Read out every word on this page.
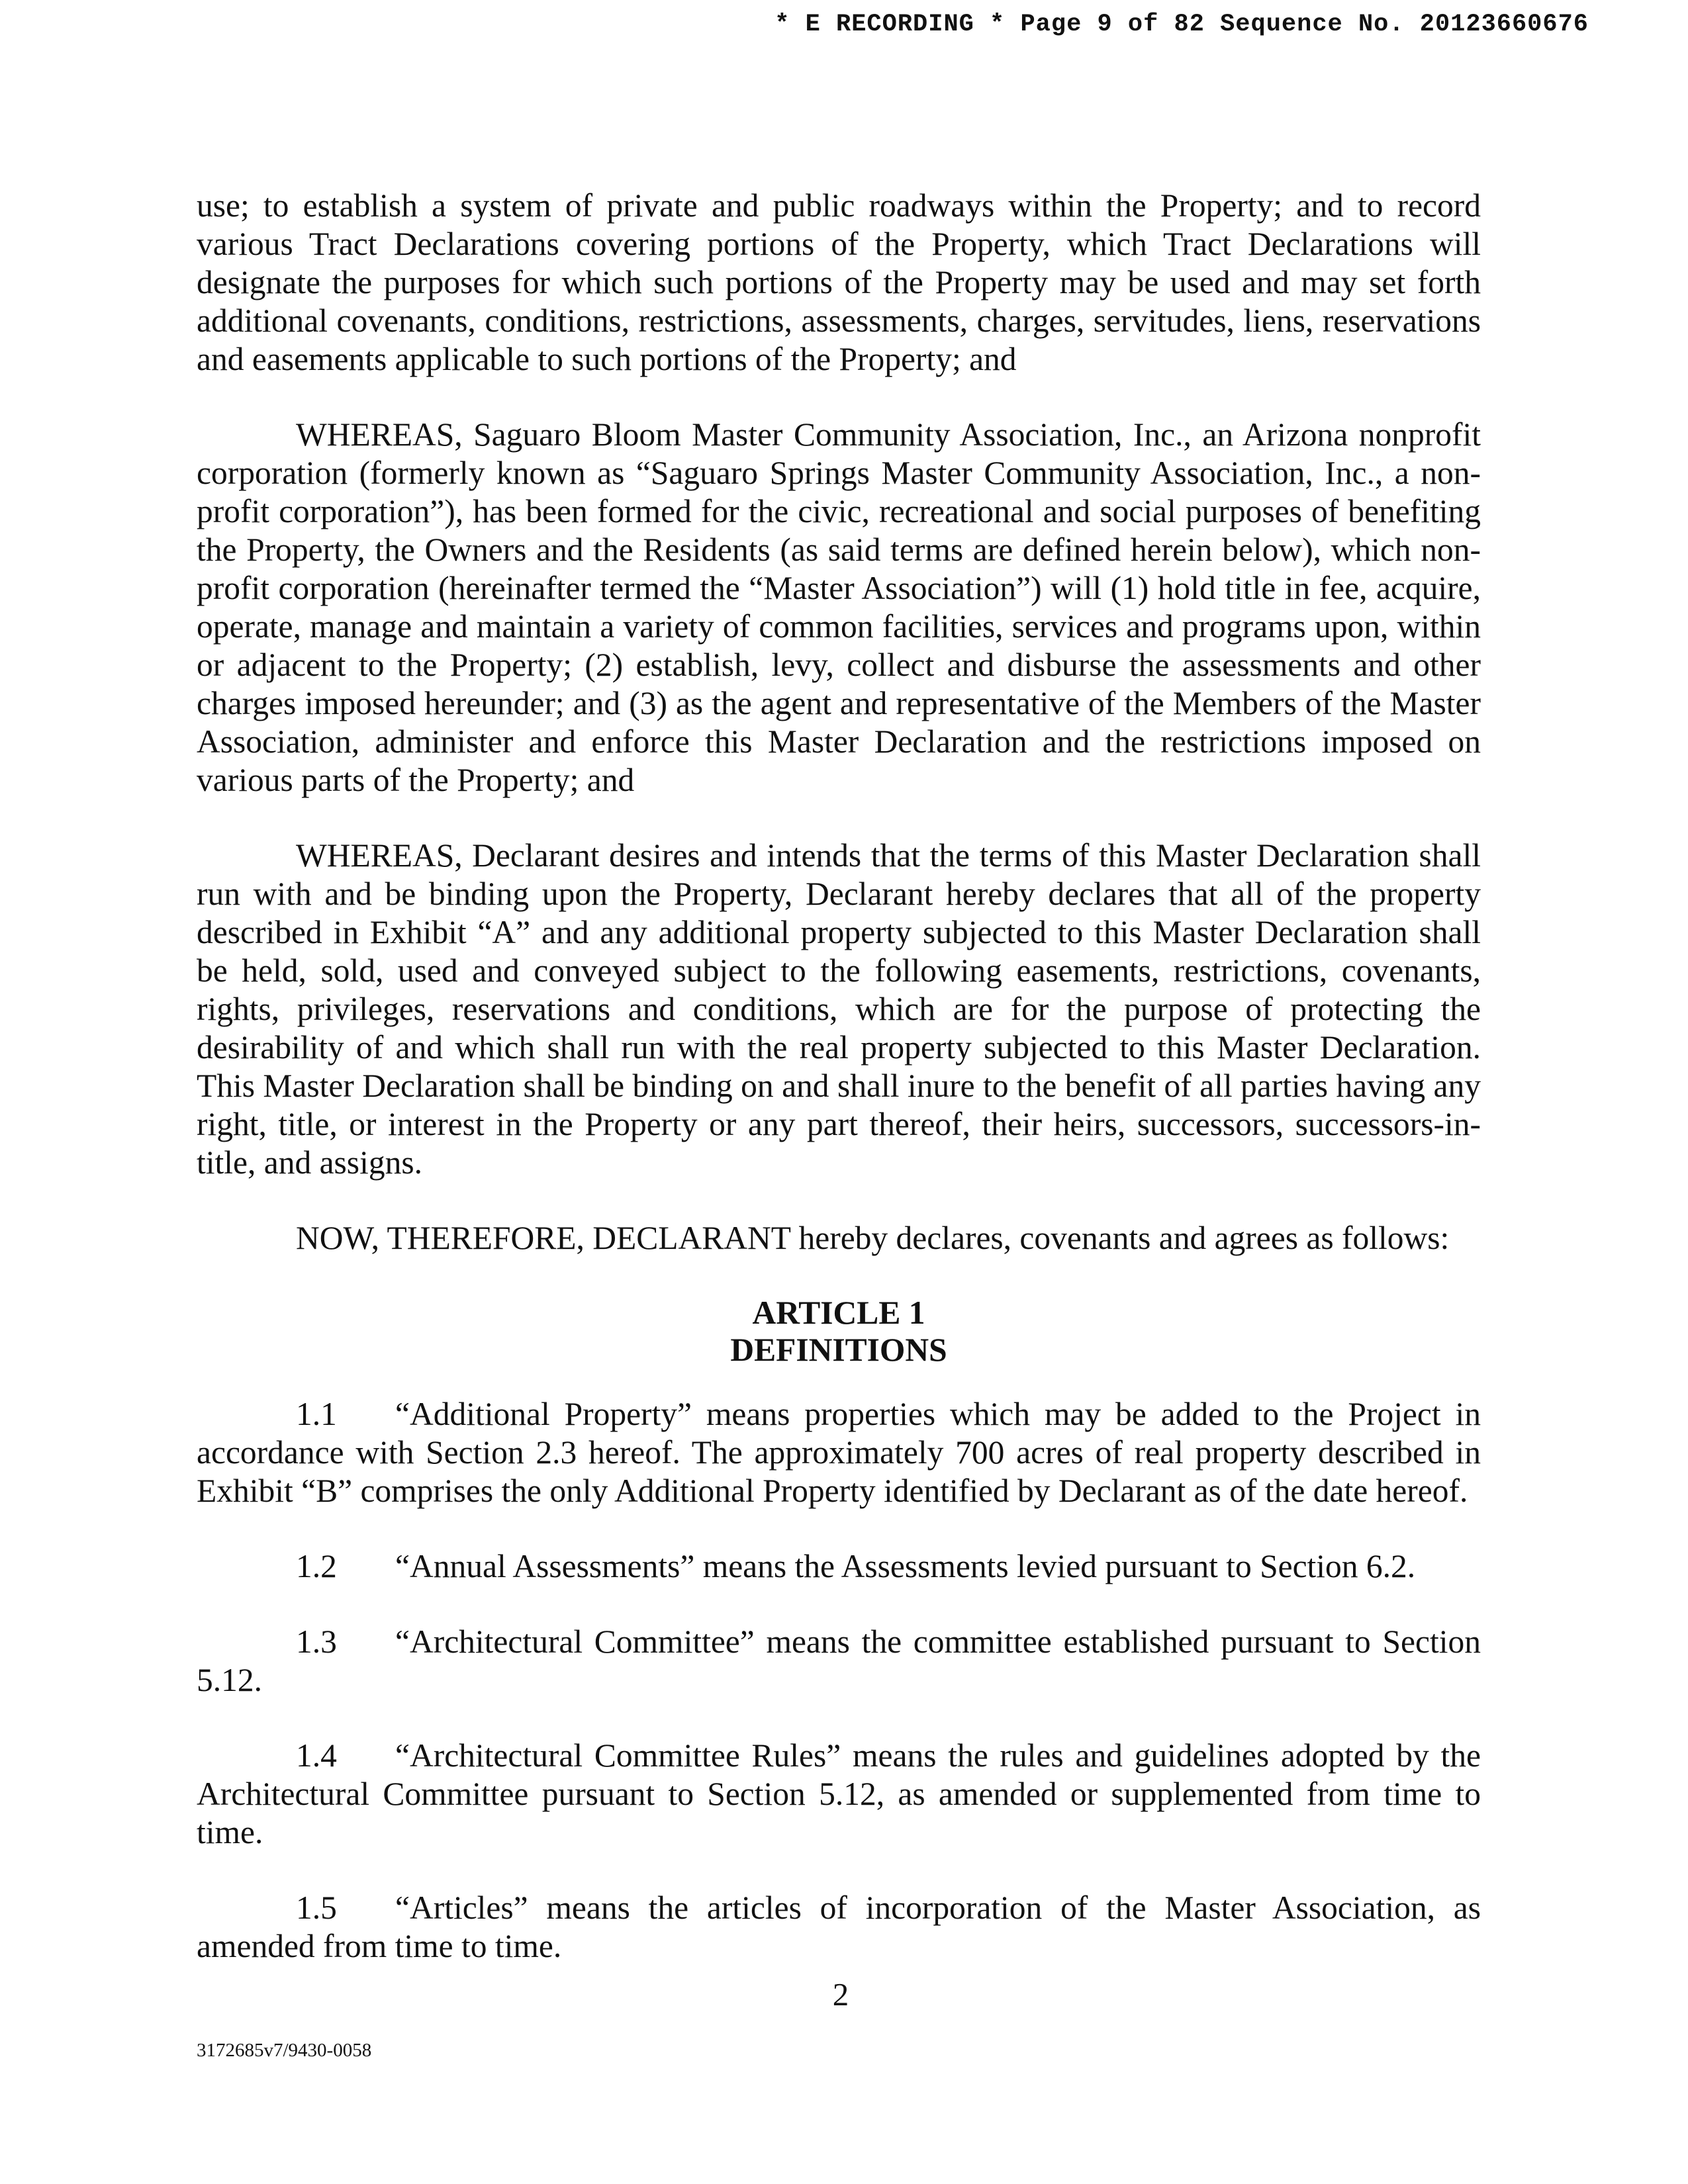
* E RECORDING * Page 9 of 82 Sequence No. 20123660676

use; to establish a system of private and public roadways within the Property; and to record various Tract Declarations covering portions of the Property, which Tract Declarations will designate the purposes for which such portions of the Property may be used and may set forth additional covenants, conditions, restrictions, assessments, charges, servitudes, liens, reservations and easements applicable to such portions of the Property; and

WHEREAS, Saguaro Bloom Master Community Association, Inc., an Arizona nonprofit corporation (formerly known as “Saguaro Springs Master Community Association, Inc., a non-profit corporation”), has been formed for the civic, recreational and social purposes of benefiting the Property, the Owners and the Residents (as said terms are defined herein below), which non-profit corporation (hereinafter termed the “Master Association”) will (1) hold title in fee, acquire, operate, manage and maintain a variety of common facilities, services and programs upon, within or adjacent to the Property; (2) establish, levy, collect and disburse the assessments and other charges imposed hereunder; and (3) as the agent and representative of the Members of the Master Association, administer and enforce this Master Declaration and the restrictions imposed on various parts of the Property; and

WHEREAS, Declarant desires and intends that the terms of this Master Declaration shall run with and be binding upon the Property, Declarant hereby declares that all of the property described in Exhibit “A” and any additional property subjected to this Master Declaration shall be held, sold, used and conveyed subject to the following easements, restrictions, covenants, rights, privileges, reservations and conditions, which are for the purpose of protecting the desirability of and which shall run with the real property subjected to this Master Declaration. This Master Declaration shall be binding on and shall inure to the benefit of all parties having any right, title, or interest in the Property or any part thereof, their heirs, successors, successors-in-title, and assigns.

NOW, THEREFORE, DECLARANT hereby declares, covenants and agrees as follows:

ARTICLE 1
DEFINITIONS

1.1 “Additional Property” means properties which may be added to the Project in accordance with Section 2.3 hereof. The approximately 700 acres of real property described in Exhibit “B” comprises the only Additional Property identified by Declarant as of the date hereof.

1.2 “Annual Assessments” means the Assessments levied pursuant to Section 6.2.

1.3 “Architectural Committee” means the committee established pursuant to Section 5.12.

1.4 “Architectural Committee Rules” means the rules and guidelines adopted by the Architectural Committee pursuant to Section 5.12, as amended or supplemented from time to time.

1.5 “Articles” means the articles of incorporation of the Master Association, as amended from time to time.

2
3172685v7/9430-0058
